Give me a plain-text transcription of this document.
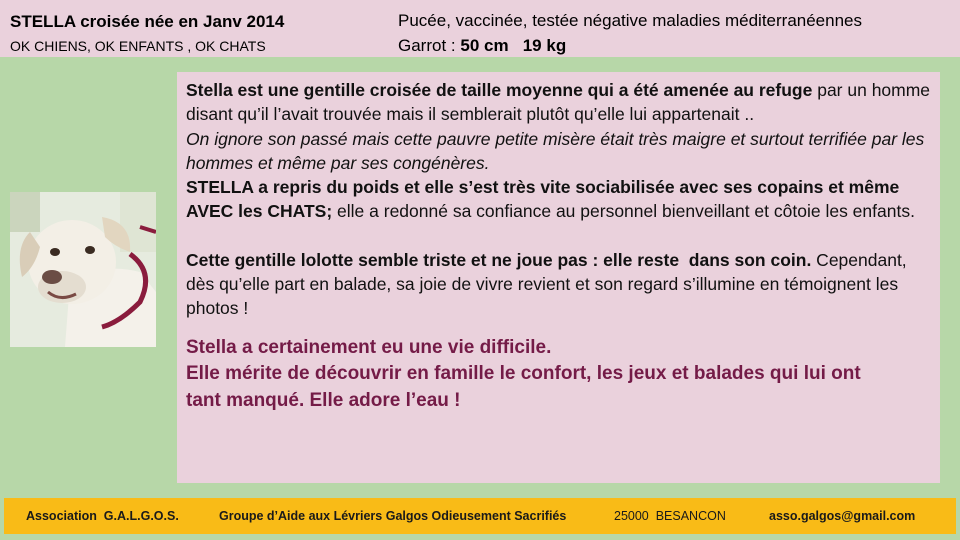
STELLA croisée née en Janv 2014
OK CHIENS, OK ENFANTS , OK CHATS
Pucée, vaccinée, testée négative maladies méditerranéennes
Garrot : 50 cm   19 kg

Stella est une gentille croisée de taille moyenne qui a été amenée au refuge par un homme disant qu’il l’avait trouvée mais il semblerait plutôt qu’elle lui appartenait ..

On ignore son passé mais cette pauvre petite misère était très maigre et surtout terrifiée par les hommes et même par ses congénères.

STELLA a repris du poids et elle s’est très vite sociabilisée avec ses copains et même AVEC les CHATS; elle a redonné sa confiance au personnel bienveillant et côtoie les enfants.

Cette gentille lolotte semble triste et ne joue pas : elle reste  dans son coin. Cependant, dès qu’elle part en balade, sa joie de vivre revient et son regard s’illumine en témoignent les photos !

Stella a certainement eu une vie difficile.

Elle mérite de découvrir en famille le confort, les jeux et balades qui lui ont tant manqué. Elle adore l’eau !

Association  G.A.L.G.O.S.	Groupe d’Aide aux Lévriers Galgos Odieusement Sacrifiés	25000  BESANCON	asso.galgos@gmail.com
